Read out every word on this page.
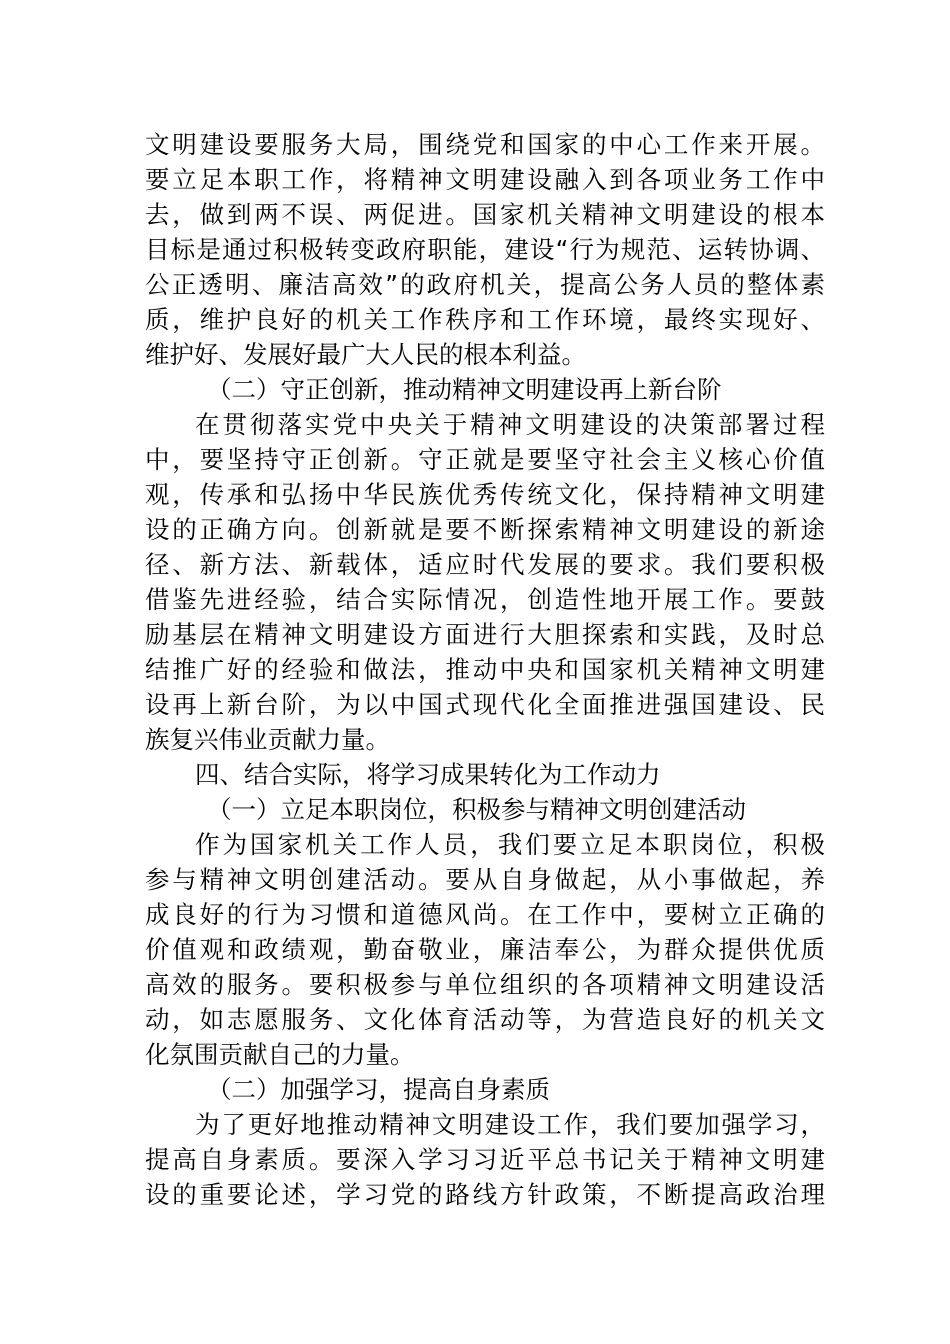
文明建设要服务大局，围绕党和国家的中心工作来开展。
要立足本职工作，将精神文明建设融入到各项业务工作中
去，做到两不误、两促进。国家机关精神文明建设的根本
目标是通过积极转变政府职能，建设“行为规范、运转协调、
公正透明、廉洁高效”的政府机关，提高公务人员的整体素
质，维护良好的机关工作秩序和工作环境，最终实现好、
维护好、发展好最广大人民的根本利益。
（二）守正创新，推动精神文明建设再上新台阶
在贯彻落实党中央关于精神文明建设的决策部署过程
中，要坚持守正创新。守正就是要坚守社会主义核心价值
观，传承和弘扬中华民族优秀传统文化，保持精神文明建
设的正确方向。创新就是要不断探索精神文明建设的新途
径、新方法、新载体，适应时代发展的要求。我们要积极
借鉴先进经验，结合实际情况，创造性地开展工作。要鼓
励基层在精神文明建设方面进行大胆探索和实践，及时总
结推广好的经验和做法，推动中央和国家机关精神文明建
设再上新台阶，为以中国式现代化全面推进强国建设、民
族复兴伟业贡献力量。
四、结合实际，将学习成果转化为工作动力
（一）立足本职岗位，积极参与精神文明创建活动
作为国家机关工作人员，我们要立足本职岗位，积极
参与精神文明创建活动。要从自身做起，从小事做起，养
成良好的行为习惯和道德风尚。在工作中，要树立正确的
价值观和政绩观，勤奋敬业，廉洁奉公，为群众提供优质
高效的服务。要积极参与单位组织的各项精神文明建设活
动，如志愿服务、文化体育活动等，为营造良好的机关文
化氛围贡献自己的力量。
（二）加强学习，提高自身素质
为了更好地推动精神文明建设工作，我们要加强学习，
提高自身素质。要深入学习习近平总书记关于精神文明建
设的重要论述，学习党的路线方针政策，不断提高政治理
